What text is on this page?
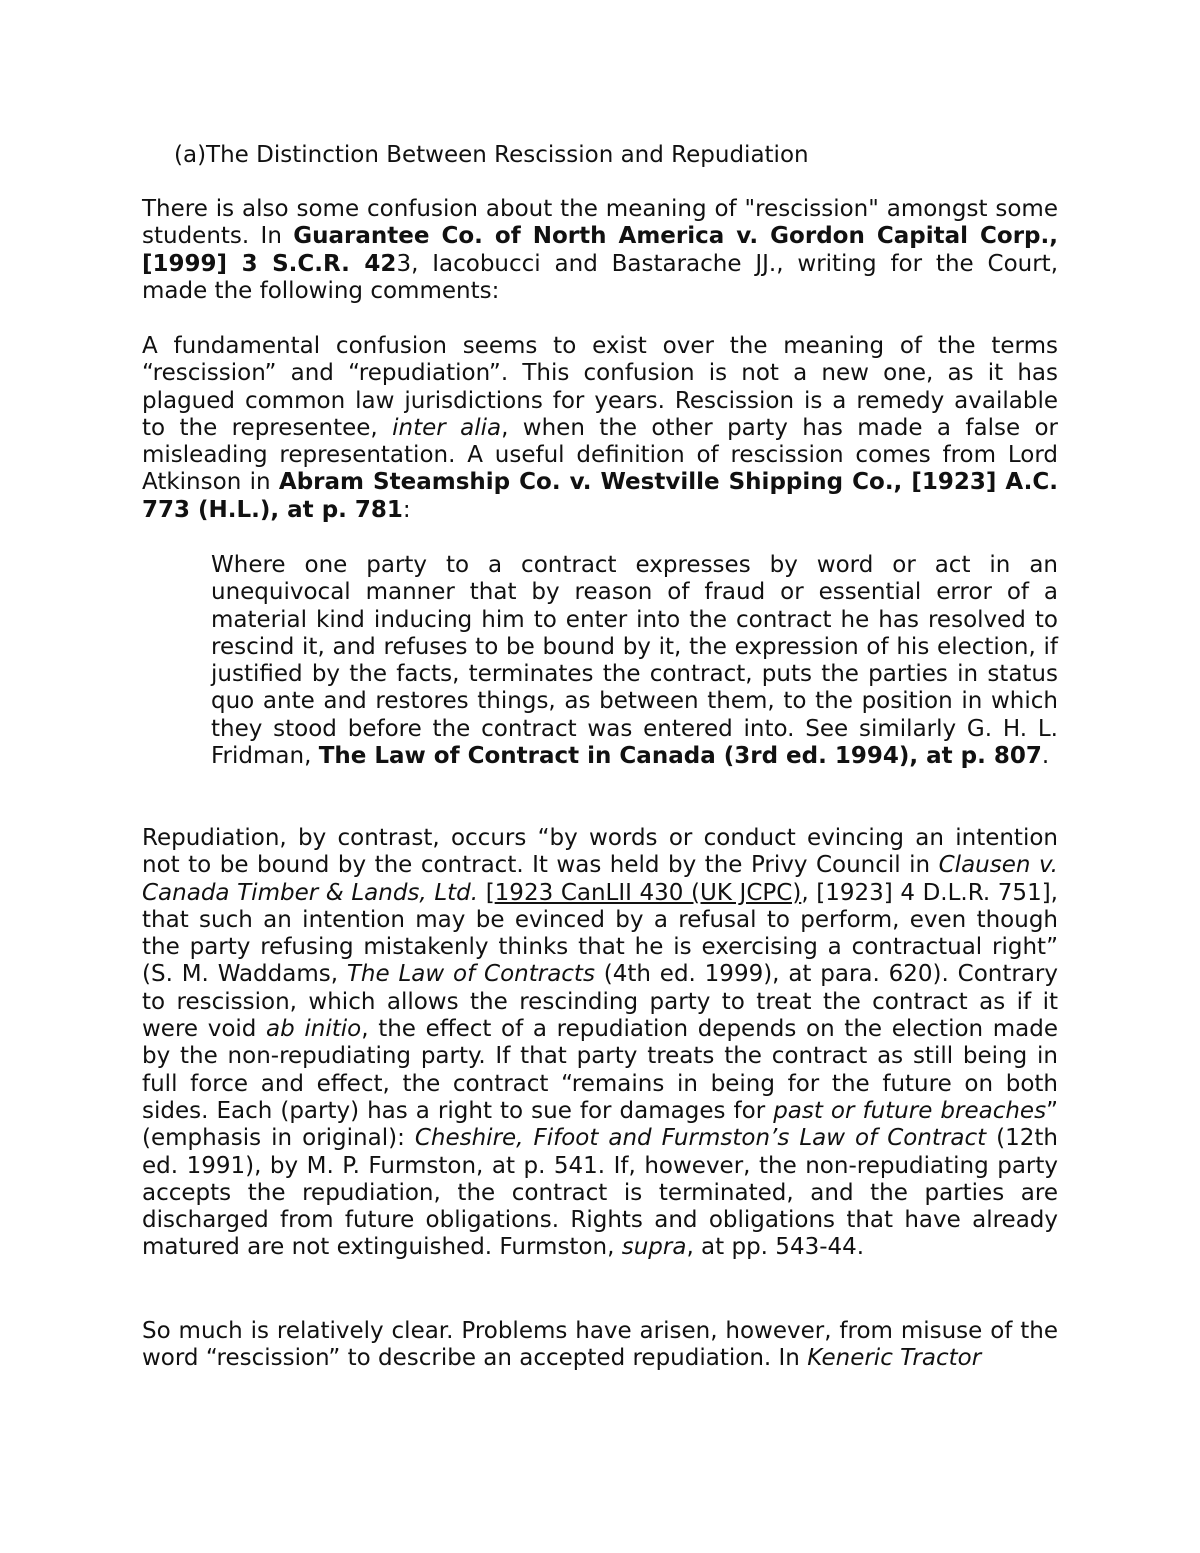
(a)The Distinction Between Rescission and Repudiation

There is also some confusion about the meaning of "rescission" amongst some students. In Guarantee Co. of North America v. Gordon Capital Corp., [1999] 3 S.C.R. 423, Iacobucci and Bastarache JJ., writing for the Court, made the following comments:

A fundamental confusion seems to exist over the meaning of the terms “rescission” and “repudiation”. This confusion is not a new one, as it has plagued common law jurisdictions for years. Rescission is a remedy available to the representee, inter alia, when the other party has made a false or misleading representation. A useful definition of rescission comes from Lord Atkinson in Abram Steamship Co. v. Westville Shipping Co., [1923] A.C. 773 (H.L.), at p. 781:

Where one party to a contract expresses by word or act in an unequivocal manner that by reason of fraud or essential error of a material kind inducing him to enter into the contract he has resolved to rescind it, and refuses to be bound by it, the expression of his election, if justified by the facts, terminates the contract, puts the parties in status quo ante and restores things, as between them, to the position in which they stood before the contract was entered into. See similarly G. H. L. Fridman, The Law of Contract in Canada (3rd ed. 1994), at p. 807.

Repudiation, by contrast, occurs “by words or conduct evincing an intention not to be bound by the contract. It was held by the Privy Council in Clausen v. Canada Timber & Lands, Ltd. [1923 CanLII 430 (UK JCPC), [1923] 4 D.L.R. 751], that such an intention may be evinced by a refusal to perform, even though the party refusing mistakenly thinks that he is exercising a contractual right” (S. M. Waddams, The Law of Contracts (4th ed. 1999), at para. 620). Contrary to rescission, which allows the rescinding party to treat the contract as if it were void ab initio, the effect of a repudiation depends on the election made by the non-repudiating party. If that party treats the contract as still being in full force and effect, the contract “remains in being for the future on both sides. Each (party) has a right to sue for damages for past or future breaches” (emphasis in original): Cheshire, Fifoot and Furmston’s Law of Contract (12th ed. 1991), by M. P. Furmston, at p. 541. If, however, the non-repudiating party accepts the repudiation, the contract is terminated, and the parties are discharged from future obligations. Rights and obligations that have already matured are not extinguished. Furmston, supra, at pp. 543-44.

So much is relatively clear. Problems have arisen, however, from misuse of the word “rescission” to describe an accepted repudiation. In Keneric Tractor
